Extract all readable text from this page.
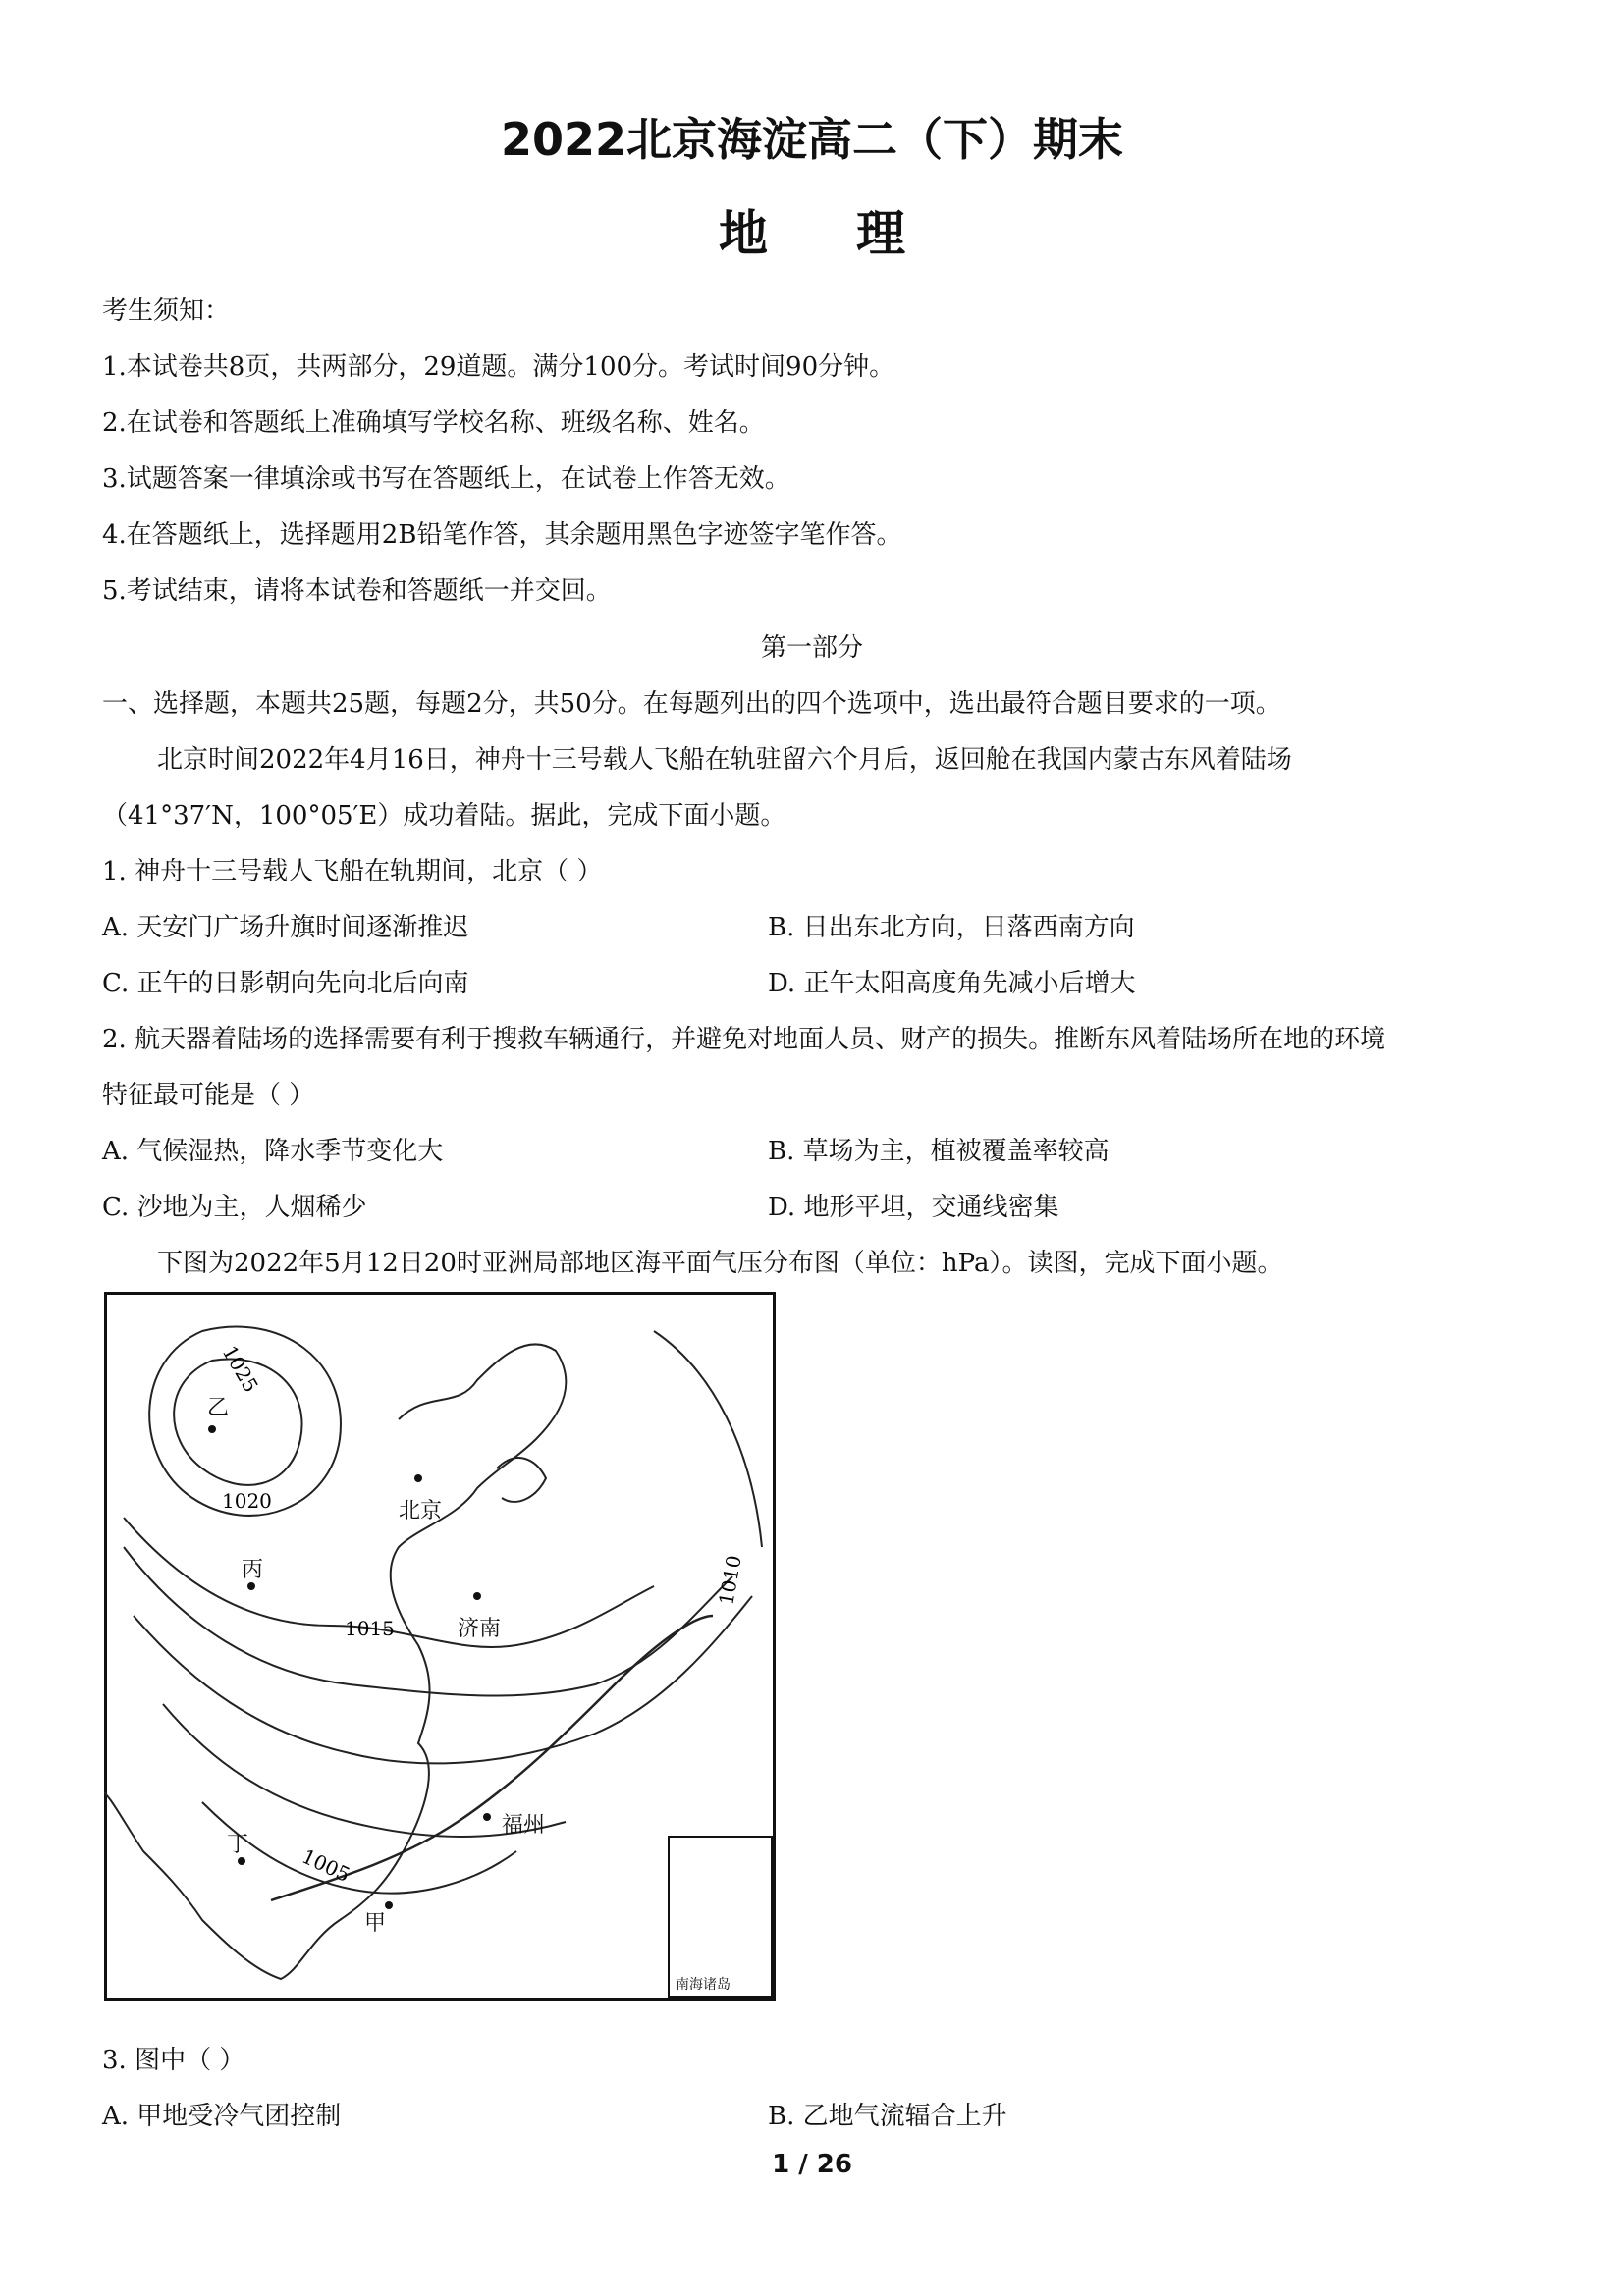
2022北京海淀高二（下）期末
地理
考生须知：
1.本试卷共8页，共两部分，29道题。满分100分。考试时间90分钟。
2.在试卷和答题纸上准确填写学校名称、班级名称、姓名。
3.试题答案一律填涂或书写在答题纸上，在试卷上作答无效。
4.在答题纸上，选择题用2B铅笔作答，其余题用黑色字迹签字笔作答。
5.考试结束，请将本试卷和答题纸一并交回。
第一部分
一、选择题，本题共25题，每题2分，共50分。在每题列出的四个选项中，选出最符合题目要求的一项。
北京时间2022年4月16日，神舟十三号载人飞船在轨驻留六个月后，返回舱在我国内蒙古东风着陆场
（41°37′N，100°05′E）成功着陆。据此，完成下面小题。
1. 神舟十三号载人飞船在轨期间，北京（ ）
A. 天安门广场升旗时间逐渐推迟	B. 日出东北方向，日落西南方向
C. 正午的日影朝向先向北后向南	D. 正午太阳高度角先减小后增大
2. 航天器着陆场的选择需要有利于搜救车辆通行，并避免对地面人员、财产的损失。推断东风着陆场所在地的环境
特征最可能是（ ）
A. 气候湿热，降水季节变化大	B. 草场为主，植被覆盖率较高
C. 沙地为主，人烟稀少	D. 地形平坦，交通线密集
下图为2022年5月12日20时亚洲局部地区海平面气压分布图（单位：hPa）。读图，完成下面小题。
1025
1020
1015
1010
1005
北京
济南
福州
甲
乙
丙
丁
南海诸岛
3. 图中（ ）
A. 甲地受冷气团控制	B. 乙地气流辐合上升
1 / 26
